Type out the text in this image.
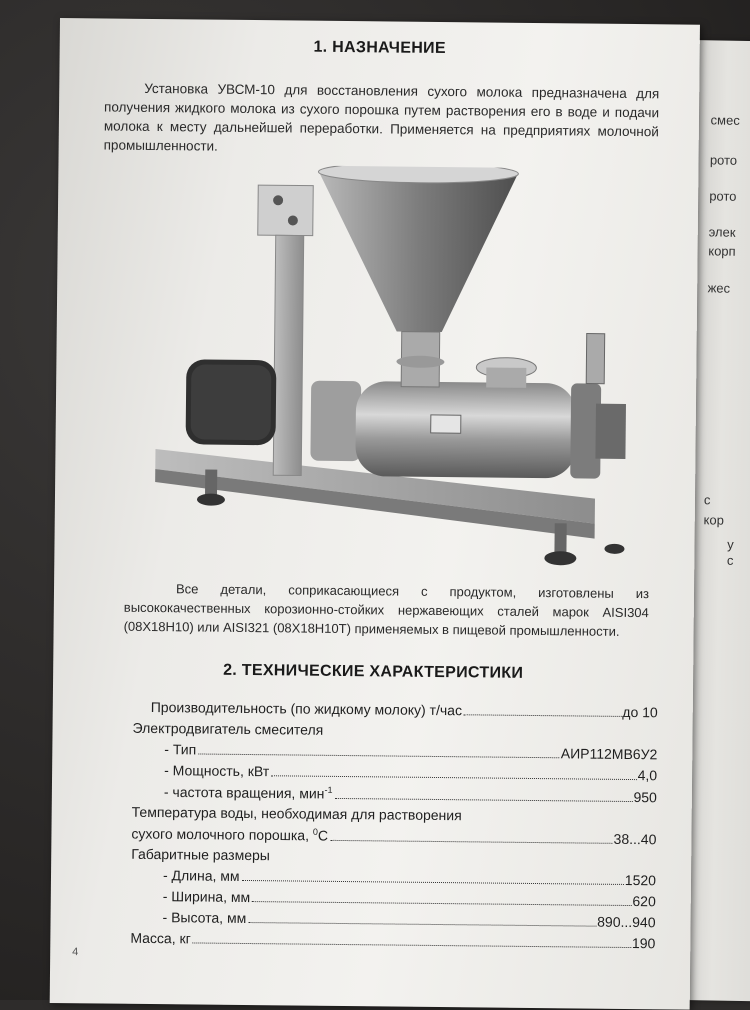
смес
рото
рото
элек
корп
жес
с
кор
у
с
1. НАЗНАЧЕНИЕ
Установка УВСМ-10 для восстановления сухого молока предназначена для получения жидкого молока из сухого порошка путем растворения его в воде и подачи молока к месту дальнейшей переработки. Применяется на предприятиях молочной промышленности.
Все детали, соприкасающиеся с продуктом, изготовлены из высококачественных корозионно-стойких нержавеющих сталей марок AISI304 (08Х18Н10) или AISI321 (08Х18Н10Т) применяемых в пищевой промышленности.
2. ТЕХНИЧЕСКИЕ ХАРАКТЕРИСТИКИ
Производительность (по жидкому молоку) т/час	до 10
Электродвигатель смесителя
- Тип	АИР112МВ6У2
- Мощность, кВт	4,0
- частота вращения, мин$^{-1}$	950
Температура воды, необходимая для растворения
сухого молочного порошка, $^0$С	38...40
Габаритные размеры
- Длина, мм	1520
- Ширина, мм	620
- Высота, мм	890...940
Масса, кг	190
4
